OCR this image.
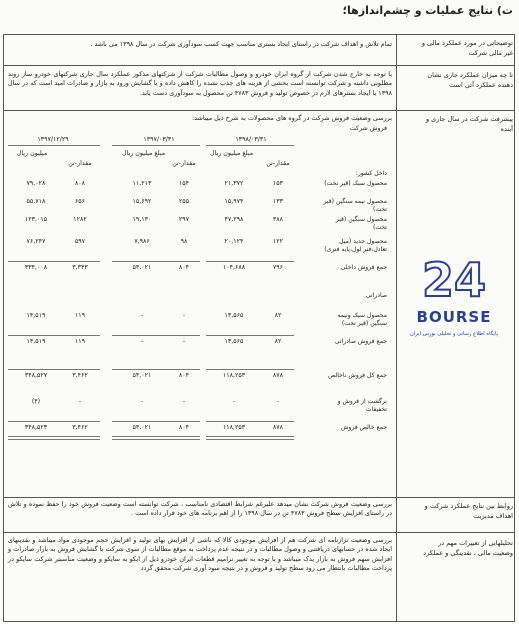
ت) نتایج عملیات و چشم‌اندازها؛
توضیحاتی در مورد عملکرد مالی و غیر مالی شرکت
تا چه میزان عملکرد جاری نشان دهنده عملکرد آتی است
پیشرفت شرکت در سال جاری و آینده
روابط بین نتایج عملکرد شرکت و اهداف مدیریت
تحلیلهایی از تغییرات مهم در وضعیت مالی ، نقدینگی و عملکرد
تمام تلاش و اهداف شرکت در راستای ایجاد بستری مناسب جهت کسب سودآوری شرکت در سال ۱۳۹۸ می باشد .
با توجه به خارج شدن شرکت از گروه ایران خودرو و وصول مطالبات شرکت از شرکتهای مذکور عملکرد سال جاری شرکتهای خودرو ساز روند مطلوبی داشته و شرکت توانسته است بخشی از هزینه های جذب نشده را کاهش داده و با گشایش ورود به بازار و صادرات امید است که در سال ۱۳۹۸ با ایجاد بسترهای لازم در خصوص تولید و فروش ۴۷۸۳ تن محصول به سودآوری دست یابد.
بررسی وضعیت فروش شرکت در گروه های محصولات به شرح ذیل میباشد:
بررسی وضعیت فروش شرکت نشان میدهد علیرغم شرایط اقتصادی نامناسب ، شرکت توانسته است وضعیت فروش خود را حفظ نموده و تلاش در راستای افزایش سطح فروش ۴۷۸۳ تن در سال ۱۳۹۸ را از اهم برنامه های خود قرار داده است .
بررسی وضعیت ترازنامه ای شرکت هم از افزایش موجودی کالا که ناشی از افزایش بهای تولید و افزایش حجم موجودی مواد میباشد و نقدینهای ایجاد شده در حسابهای دریافتنی و وصول مطالبات و در نتیجه عدم پرداخت به موقع مطالبات از سوی شرکت با گشایش فروش به بازار صادرات و افزایش سهم فروش به بازار یدک میباشد و با توجه به تغییر ترامیم قطعات ایران خودرو ذیل از ایکو به سایکو و وضعیت مناسبتر شرکت سایکو در پرداخت مطالبات بانتظار می رود سطح تولید و فروش و در نتیجه سود آوری شرکت محقق گردد
فروش شرکت
۱۳۹۸/۰۳/۳۱
۱۳۹۷/۰۳/۳۱
۱۳۹۷/۱۲/۲۹
مبلغ میلیون ریال
مقدار-تن
مبلغ میلیون ریال
مقدار-تن
میلیون ریال
مقدار-تن
داخل کشور:
صادراتی
محصول سبک (قیر تخت)
۱۵۳
۲۱,۳۷۲
۱۵۴
۱۱,۲۱۳
۸۰۸
۷۹,۰۲۸
محصول نیمه سنگین (قیر تخت)
۱۳۳
۱۵,۹۷۴
۲۵۵
۱۵,۶۹۲
۶۵۶
۵۵,۷۱۸
محصول سنگین (قیر تخت)
۳۸۸
۴۷,۲۹۸
۲۹۷
۱۹,۱۳۰
۱۲۸۲
۱۲۳,۰۱۵
محصول جدید (میل تعادل،فنر لول،پایه فنری)
۱۲۲
۲۰,۱۲۴
۹۸
۷,۹۸۶
۵۹۷
۷۶,۲۴۷
جمع فروش داخلی
۷۹۶
۱۰۴,۶۸۸
۸۰۴
۵۴,۰۲۱
۳,۳۴۳
۳۳۴,۰۰۸
محصول سبک ونیمه سنگین (قیر تخت)
۸۲
۱۳,۵۶۵
-
-
۱۱۹
۱۴,۵۱۹
جمع فروش صادراتی
۸۲
۱۳,۵۶۵
-
-
۱۱۹
۱۴,۵۱۹
جمع کل فروش ناخالص
۸۷۸
۱۱۸,۲۵۳
۸۰۴
۵۴,۰۲۱
۳,۴۶۲
۳۴۸,۵۲۷
برگشت از فروش و تخفیفات
-
-
-
-
-
(۴)
جمع خالص فروش
۸۷۸
۱۱۸,۲۵۳
۸۰۴
۵۴,۰۲۱
۳,۴۶۲
۳۴۸,۵۲۳
24
BOURSE
پایگاه اطلاع رسانی و تحلیلی بورس ایران
